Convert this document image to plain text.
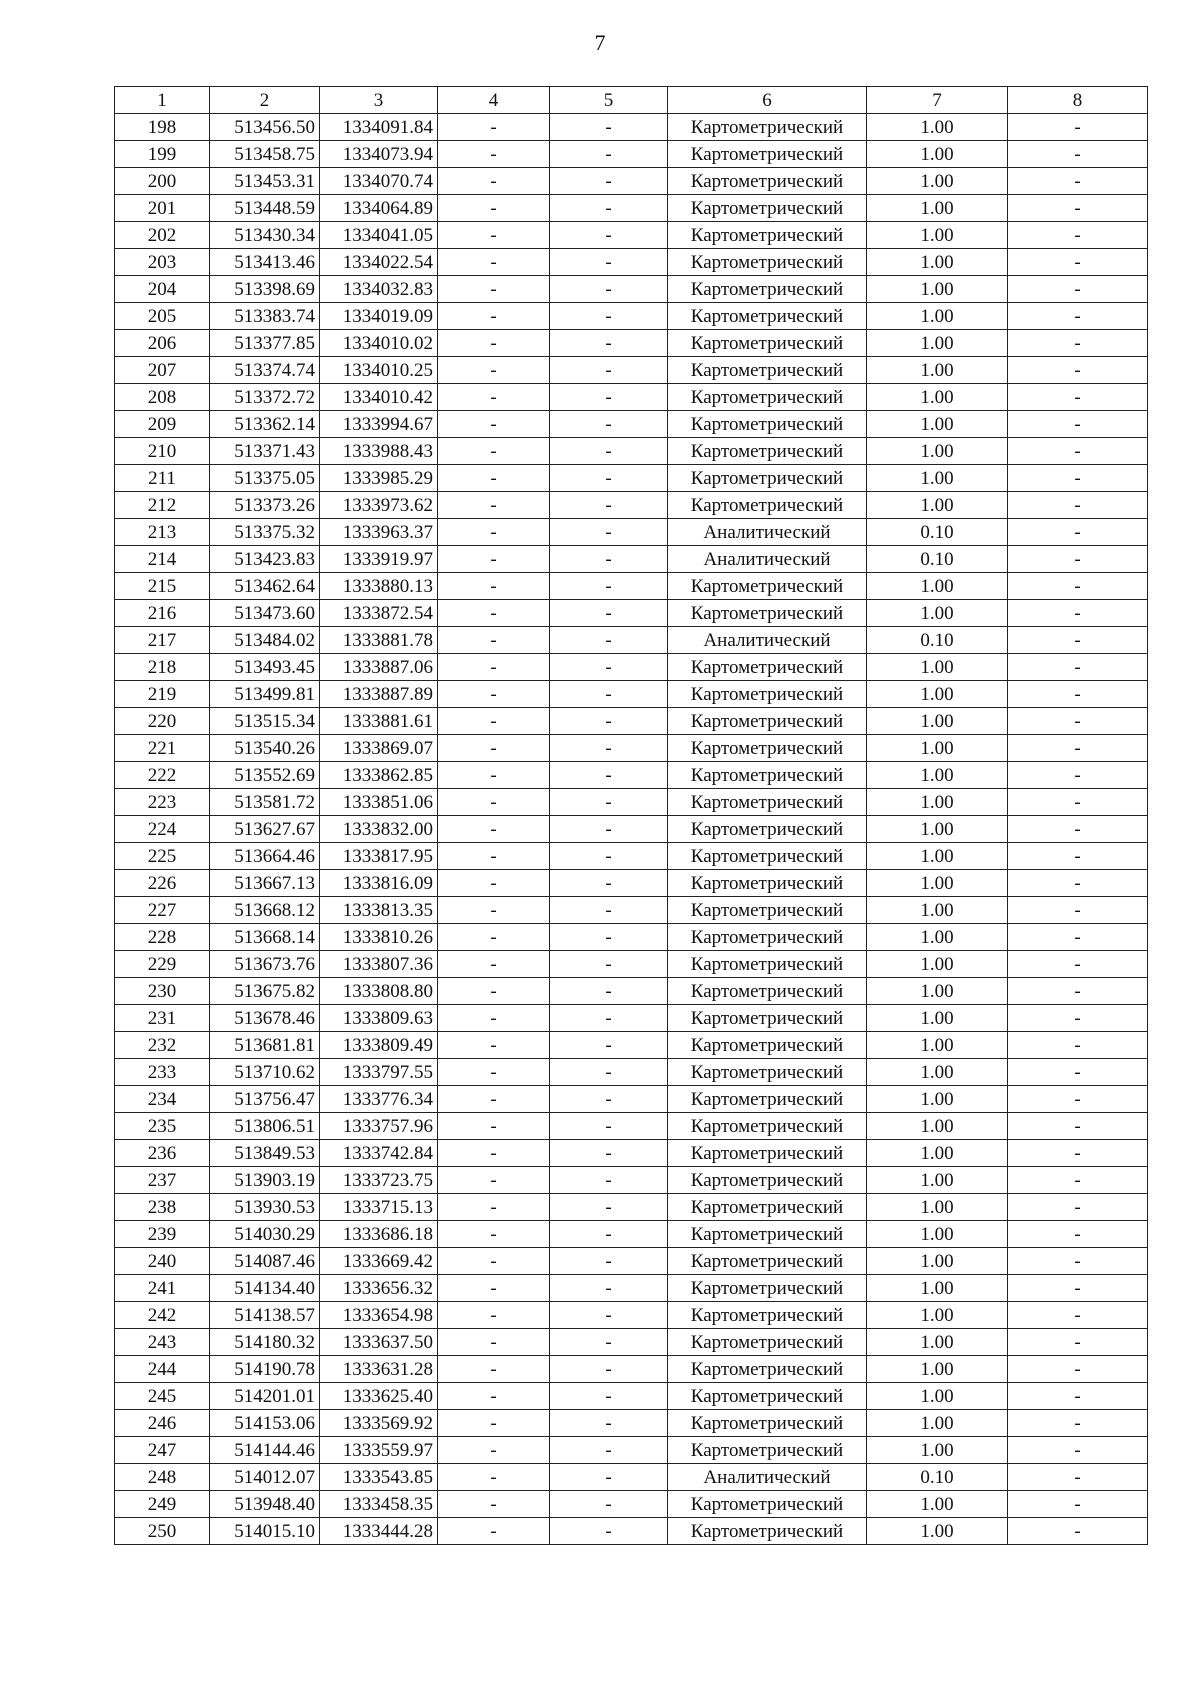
7
1	2	3	4	5	6	7	8
198	513456.50	1334091.84	-	-	Картометрический	1.00	-
199	513458.75	1334073.94	-	-	Картометрический	1.00	-
200	513453.31	1334070.74	-	-	Картометрический	1.00	-
201	513448.59	1334064.89	-	-	Картометрический	1.00	-
202	513430.34	1334041.05	-	-	Картометрический	1.00	-
203	513413.46	1334022.54	-	-	Картометрический	1.00	-
204	513398.69	1334032.83	-	-	Картометрический	1.00	-
205	513383.74	1334019.09	-	-	Картометрический	1.00	-
206	513377.85	1334010.02	-	-	Картометрический	1.00	-
207	513374.74	1334010.25	-	-	Картометрический	1.00	-
208	513372.72	1334010.42	-	-	Картометрический	1.00	-
209	513362.14	1333994.67	-	-	Картометрический	1.00	-
210	513371.43	1333988.43	-	-	Картометрический	1.00	-
211	513375.05	1333985.29	-	-	Картометрический	1.00	-
212	513373.26	1333973.62	-	-	Картометрический	1.00	-
213	513375.32	1333963.37	-	-	Аналитический	0.10	-
214	513423.83	1333919.97	-	-	Аналитический	0.10	-
215	513462.64	1333880.13	-	-	Картометрический	1.00	-
216	513473.60	1333872.54	-	-	Картометрический	1.00	-
217	513484.02	1333881.78	-	-	Аналитический	0.10	-
218	513493.45	1333887.06	-	-	Картометрический	1.00	-
219	513499.81	1333887.89	-	-	Картометрический	1.00	-
220	513515.34	1333881.61	-	-	Картометрический	1.00	-
221	513540.26	1333869.07	-	-	Картометрический	1.00	-
222	513552.69	1333862.85	-	-	Картометрический	1.00	-
223	513581.72	1333851.06	-	-	Картометрический	1.00	-
224	513627.67	1333832.00	-	-	Картометрический	1.00	-
225	513664.46	1333817.95	-	-	Картометрический	1.00	-
226	513667.13	1333816.09	-	-	Картометрический	1.00	-
227	513668.12	1333813.35	-	-	Картометрический	1.00	-
228	513668.14	1333810.26	-	-	Картометрический	1.00	-
229	513673.76	1333807.36	-	-	Картометрический	1.00	-
230	513675.82	1333808.80	-	-	Картометрический	1.00	-
231	513678.46	1333809.63	-	-	Картометрический	1.00	-
232	513681.81	1333809.49	-	-	Картометрический	1.00	-
233	513710.62	1333797.55	-	-	Картометрический	1.00	-
234	513756.47	1333776.34	-	-	Картометрический	1.00	-
235	513806.51	1333757.96	-	-	Картометрический	1.00	-
236	513849.53	1333742.84	-	-	Картометрический	1.00	-
237	513903.19	1333723.75	-	-	Картометрический	1.00	-
238	513930.53	1333715.13	-	-	Картометрический	1.00	-
239	514030.29	1333686.18	-	-	Картометрический	1.00	-
240	514087.46	1333669.42	-	-	Картометрический	1.00	-
241	514134.40	1333656.32	-	-	Картометрический	1.00	-
242	514138.57	1333654.98	-	-	Картометрический	1.00	-
243	514180.32	1333637.50	-	-	Картометрический	1.00	-
244	514190.78	1333631.28	-	-	Картометрический	1.00	-
245	514201.01	1333625.40	-	-	Картометрический	1.00	-
246	514153.06	1333569.92	-	-	Картометрический	1.00	-
247	514144.46	1333559.97	-	-	Картометрический	1.00	-
248	514012.07	1333543.85	-	-	Аналитический	0.10	-
249	513948.40	1333458.35	-	-	Картометрический	1.00	-
250	514015.10	1333444.28	-	-	Картометрический	1.00	-
